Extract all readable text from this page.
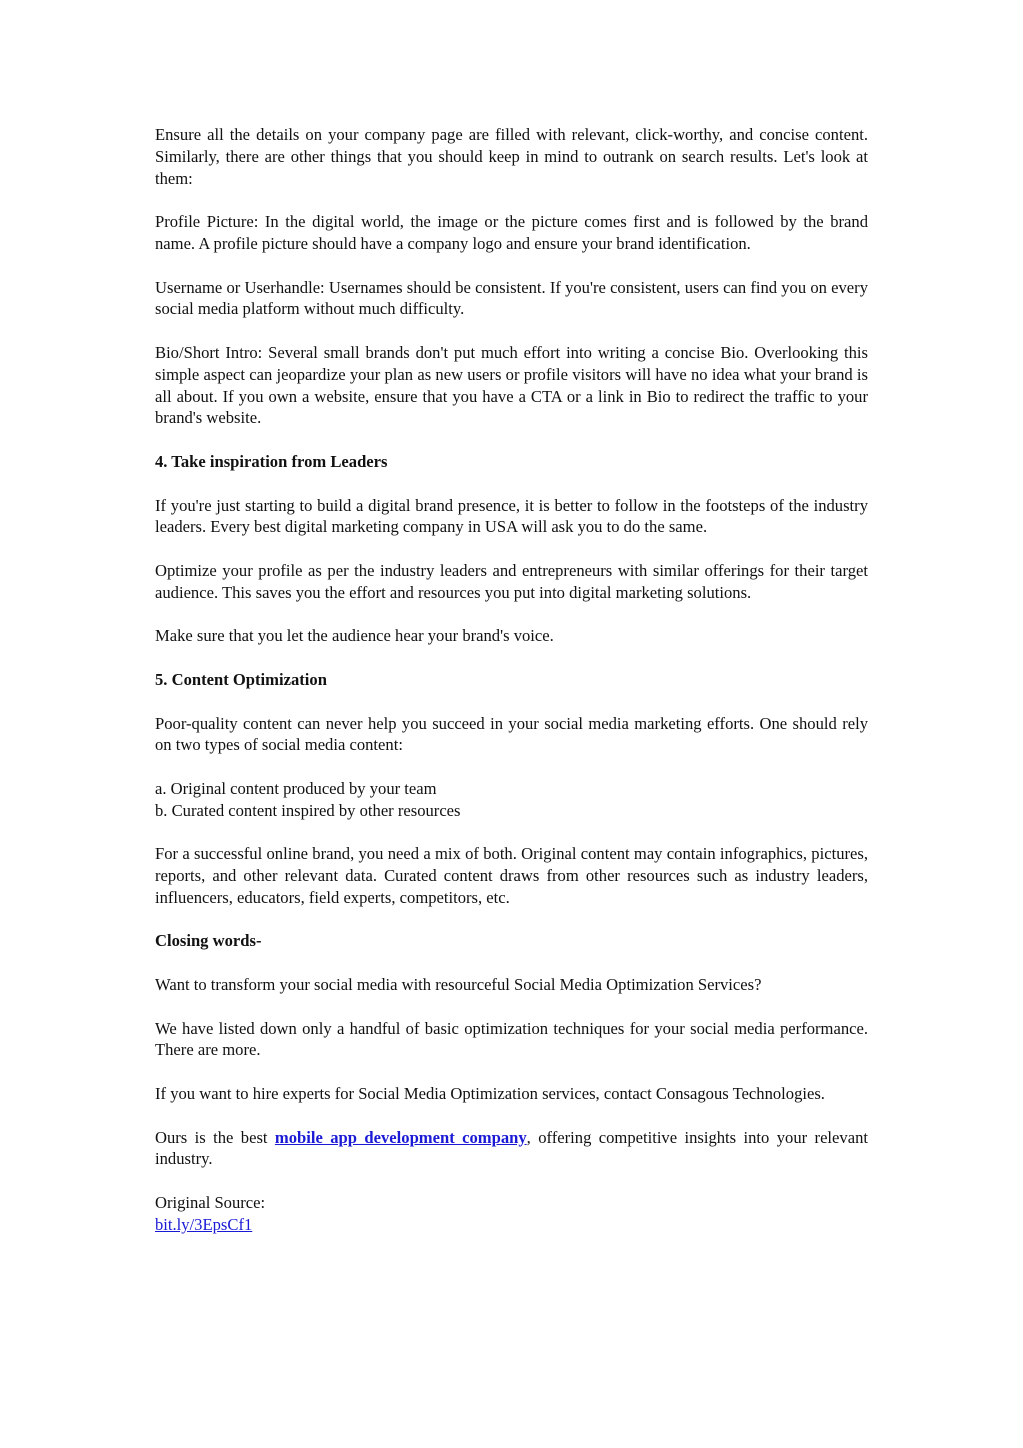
Ensure all the details on your company page are filled with relevant, click-worthy, and concise content. Similarly, there are other things that you should keep in mind to outrank on search results. Let's look at them:

Profile Picture: In the digital world, the image or the picture comes first and is followed by the brand name. A profile picture should have a company logo and ensure your brand identification.

Username or Userhandle: Usernames should be consistent. If you're consistent, users can find you on every social media platform without much difficulty.

Bio/Short Intro: Several small brands don't put much effort into writing a concise Bio. Overlooking this simple aspect can jeopardize your plan as new users or profile visitors will have no idea what your brand is all about. If you own a website, ensure that you have a CTA or a link in Bio to redirect the traffic to your brand's website.

4. Take inspiration from Leaders

If you're just starting to build a digital brand presence, it is better to follow in the footsteps of the industry leaders. Every best digital marketing company in USA will ask you to do the same.

Optimize your profile as per the industry leaders and entrepreneurs with similar offerings for their target audience. This saves you the effort and resources you put into digital marketing solutions.

Make sure that you let the audience hear your brand's voice.

5. Content Optimization

Poor-quality content can never help you succeed in your social media marketing efforts. One should rely on two types of social media content:

a. Original content produced by your team
b. Curated content inspired by other resources

For a successful online brand, you need a mix of both. Original content may contain infographics, pictures, reports, and other relevant data. Curated content draws from other resources such as industry leaders, influencers, educators, field experts, competitors, etc.

Closing words-

Want to transform your social media with resourceful Social Media Optimization Services?

We have listed down only a handful of basic optimization techniques for your social media performance. There are more.

If you want to hire experts for Social Media Optimization services, contact Consagous Technologies.

Ours is the best mobile app development company, offering competitive insights into your relevant industry.

Original Source:
bit.ly/3EpsCf1
